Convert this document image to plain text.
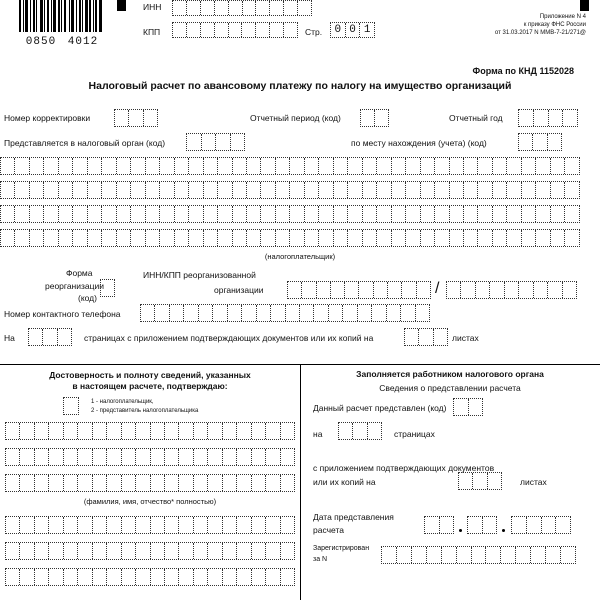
0850 4012
ИНН
КПП	Стр.	0 0 1
Приложение N 4
к приказу ФНС России
от 31.03.2017 N ММВ-7-21/271@
Форма по КНД 1152028
Налоговый расчет по авансовому платежу по налогу на имущество организаций
Номер корректировки	Отчетный период (код)	Отчетный год
Представляется в налоговый орган (код)	по месту нахождения (учета) (код)
(налогоплательщик)
Форма
реорганизации
(код)
ИНН/КПП реорганизованной
организации	/
Номер контактного телефона
На	страницах с приложением подтверждающих документов или их копий на	листах
Достоверность и полноту сведений, указанных
в настоящем расчете, подтверждаю:
1 - налогоплательщик,
2 - представитель налогоплательщика
(фамилия, имя, отчество* полностью)
Заполняется работником налогового органа
Сведения о представлении расчета
Данный расчет представлен (код)
на	страницах
с приложением подтверждающих документов
или их копий на	листах
Дата представления
расчета
Зарегистрирован
за N
